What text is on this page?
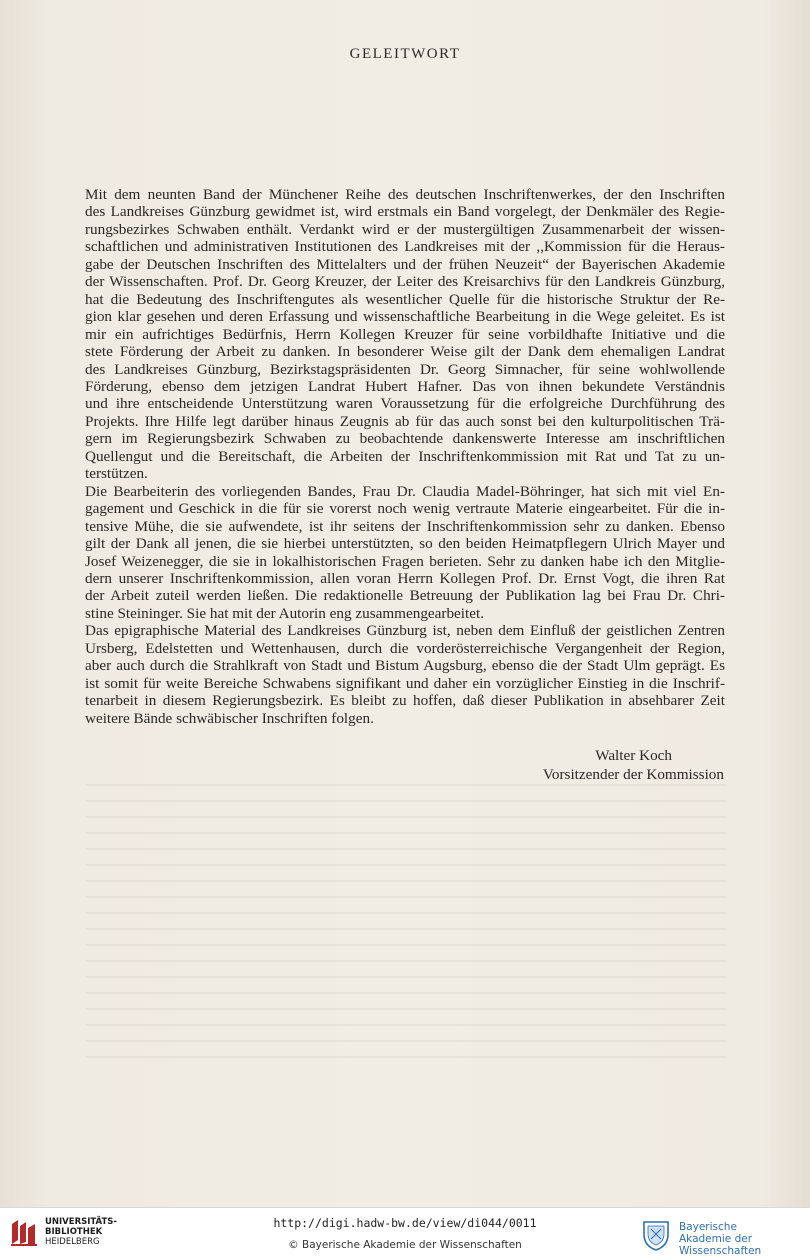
GELEITWORT
Mit dem neunten Band der Münchener Reihe des deutschen Inschriftenwerkes, der den Inschriften
des Landkreises Günzburg gewidmet ist, wird erstmals ein Band vorgelegt, der Denkmäler des Regie-
rungsbezirkes Schwaben enthält. Verdankt wird er der mustergültigen Zusammenarbeit der wissen-
schaftlichen und administrativen Institutionen des Landkreises mit der ,,Kommission für die Heraus-
gabe der Deutschen Inschriften des Mittelalters und der frühen Neuzeit“ der Bayerischen Akademie
der Wissenschaften. Prof. Dr. Georg Kreuzer, der Leiter des Kreisarchivs für den Landkreis Günzburg,
hat die Bedeutung des Inschriftengutes als wesentlicher Quelle für die historische Struktur der Re-
gion klar gesehen und deren Erfassung und wissenschaftliche Bearbeitung in die Wege geleitet. Es ist
mir ein aufrichtiges Bedürfnis, Herrn Kollegen Kreuzer für seine vorbildhafte Initiative und die
stete Förderung der Arbeit zu danken. In besonderer Weise gilt der Dank dem ehemaligen Landrat
des Landkreises Günzburg, Bezirkstagspräsidenten Dr. Georg Simnacher, für seine wohlwollende
Förderung, ebenso dem jetzigen Landrat Hubert Hafner. Das von ihnen bekundete Verständnis
und ihre entscheidende Unterstützung waren Voraussetzung für die erfolgreiche Durchführung des
Projekts. Ihre Hilfe legt darüber hinaus Zeugnis ab für das auch sonst bei den kulturpolitischen Trä-
gern im Regierungsbezirk Schwaben zu beobachtende dankenswerte Interesse am inschriftlichen
Quellengut und die Bereitschaft, die Arbeiten der Inschriftenkommission mit Rat und Tat zu un-
terstützen.
Die Bearbeiterin des vorliegenden Bandes, Frau Dr. Claudia Madel-Böhringer, hat sich mit viel En-
gagement und Geschick in die für sie vorerst noch wenig vertraute Materie eingearbeitet. Für die in-
tensive Mühe, die sie aufwendete, ist ihr seitens der Inschriftenkommission sehr zu danken. Ebenso
gilt der Dank all jenen, die sie hierbei unterstützten, so den beiden Heimatpflegern Ulrich Mayer und
Josef Weizenegger, die sie in lokalhistorischen Fragen berieten. Sehr zu danken habe ich den Mitglie-
dern unserer Inschriftenkommission, allen voran Herrn Kollegen Prof. Dr. Ernst Vogt, die ihren Rat
der Arbeit zuteil werden ließen. Die redaktionelle Betreuung der Publikation lag bei Frau Dr. Chri-
stine Steininger. Sie hat mit der Autorin eng zusammengearbeitet.
Das epigraphische Material des Landkreises Günzburg ist, neben dem Einfluß der geistlichen Zentren
Ursberg, Edelstetten und Wettenhausen, durch die vorderösterreichische Vergangenheit der Region,
aber auch durch die Strahlkraft von Stadt und Bistum Augsburg, ebenso die der Stadt Ulm geprägt. Es
ist somit für weite Bereiche Schwabens signifikant und daher ein vorzüglicher Einstieg in die Inschrif-
tenarbeit in diesem Regierungsbezirk. Es bleibt zu hoffen, daß dieser Publikation in absehbarer Zeit
weitere Bände schwäbischer Inschriften folgen.
Walter Koch
Vorsitzender der Kommission
UNIVERSITÄTS-
BIBLIOTHEK
HEIDELBERG
http://digi.hadw-bw.de/view/di044/0011
© Bayerische Akademie der Wissenschaften
Bayerische
Akademie der Wissenschaften
